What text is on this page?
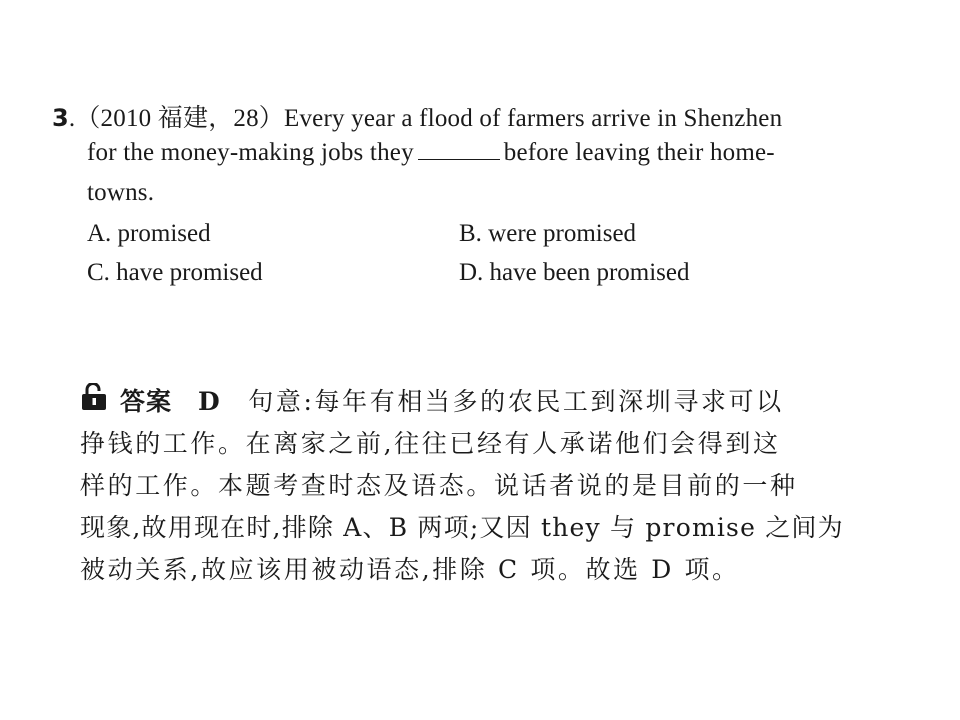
3.（2010 福建，28）Every year a flood of farmers arrive in Shenzhen
for the money-making jobs they	before leaving their home-
towns.
A. promised	B. were promised
C. have promised	D. have been promised
答案 D 句意:每年有相当多的农民工到深圳寻求可以
挣钱的工作。在离家之前,往往已经有人承诺他们会得到这
样的工作。本题考查时态及语态。说话者说的是目前的一种
现象,故用现在时,排除 A、B 两项;又因 they 与 promise 之间为
被动关系,故应该用被动语态,排除 C 项。故选 D 项。
